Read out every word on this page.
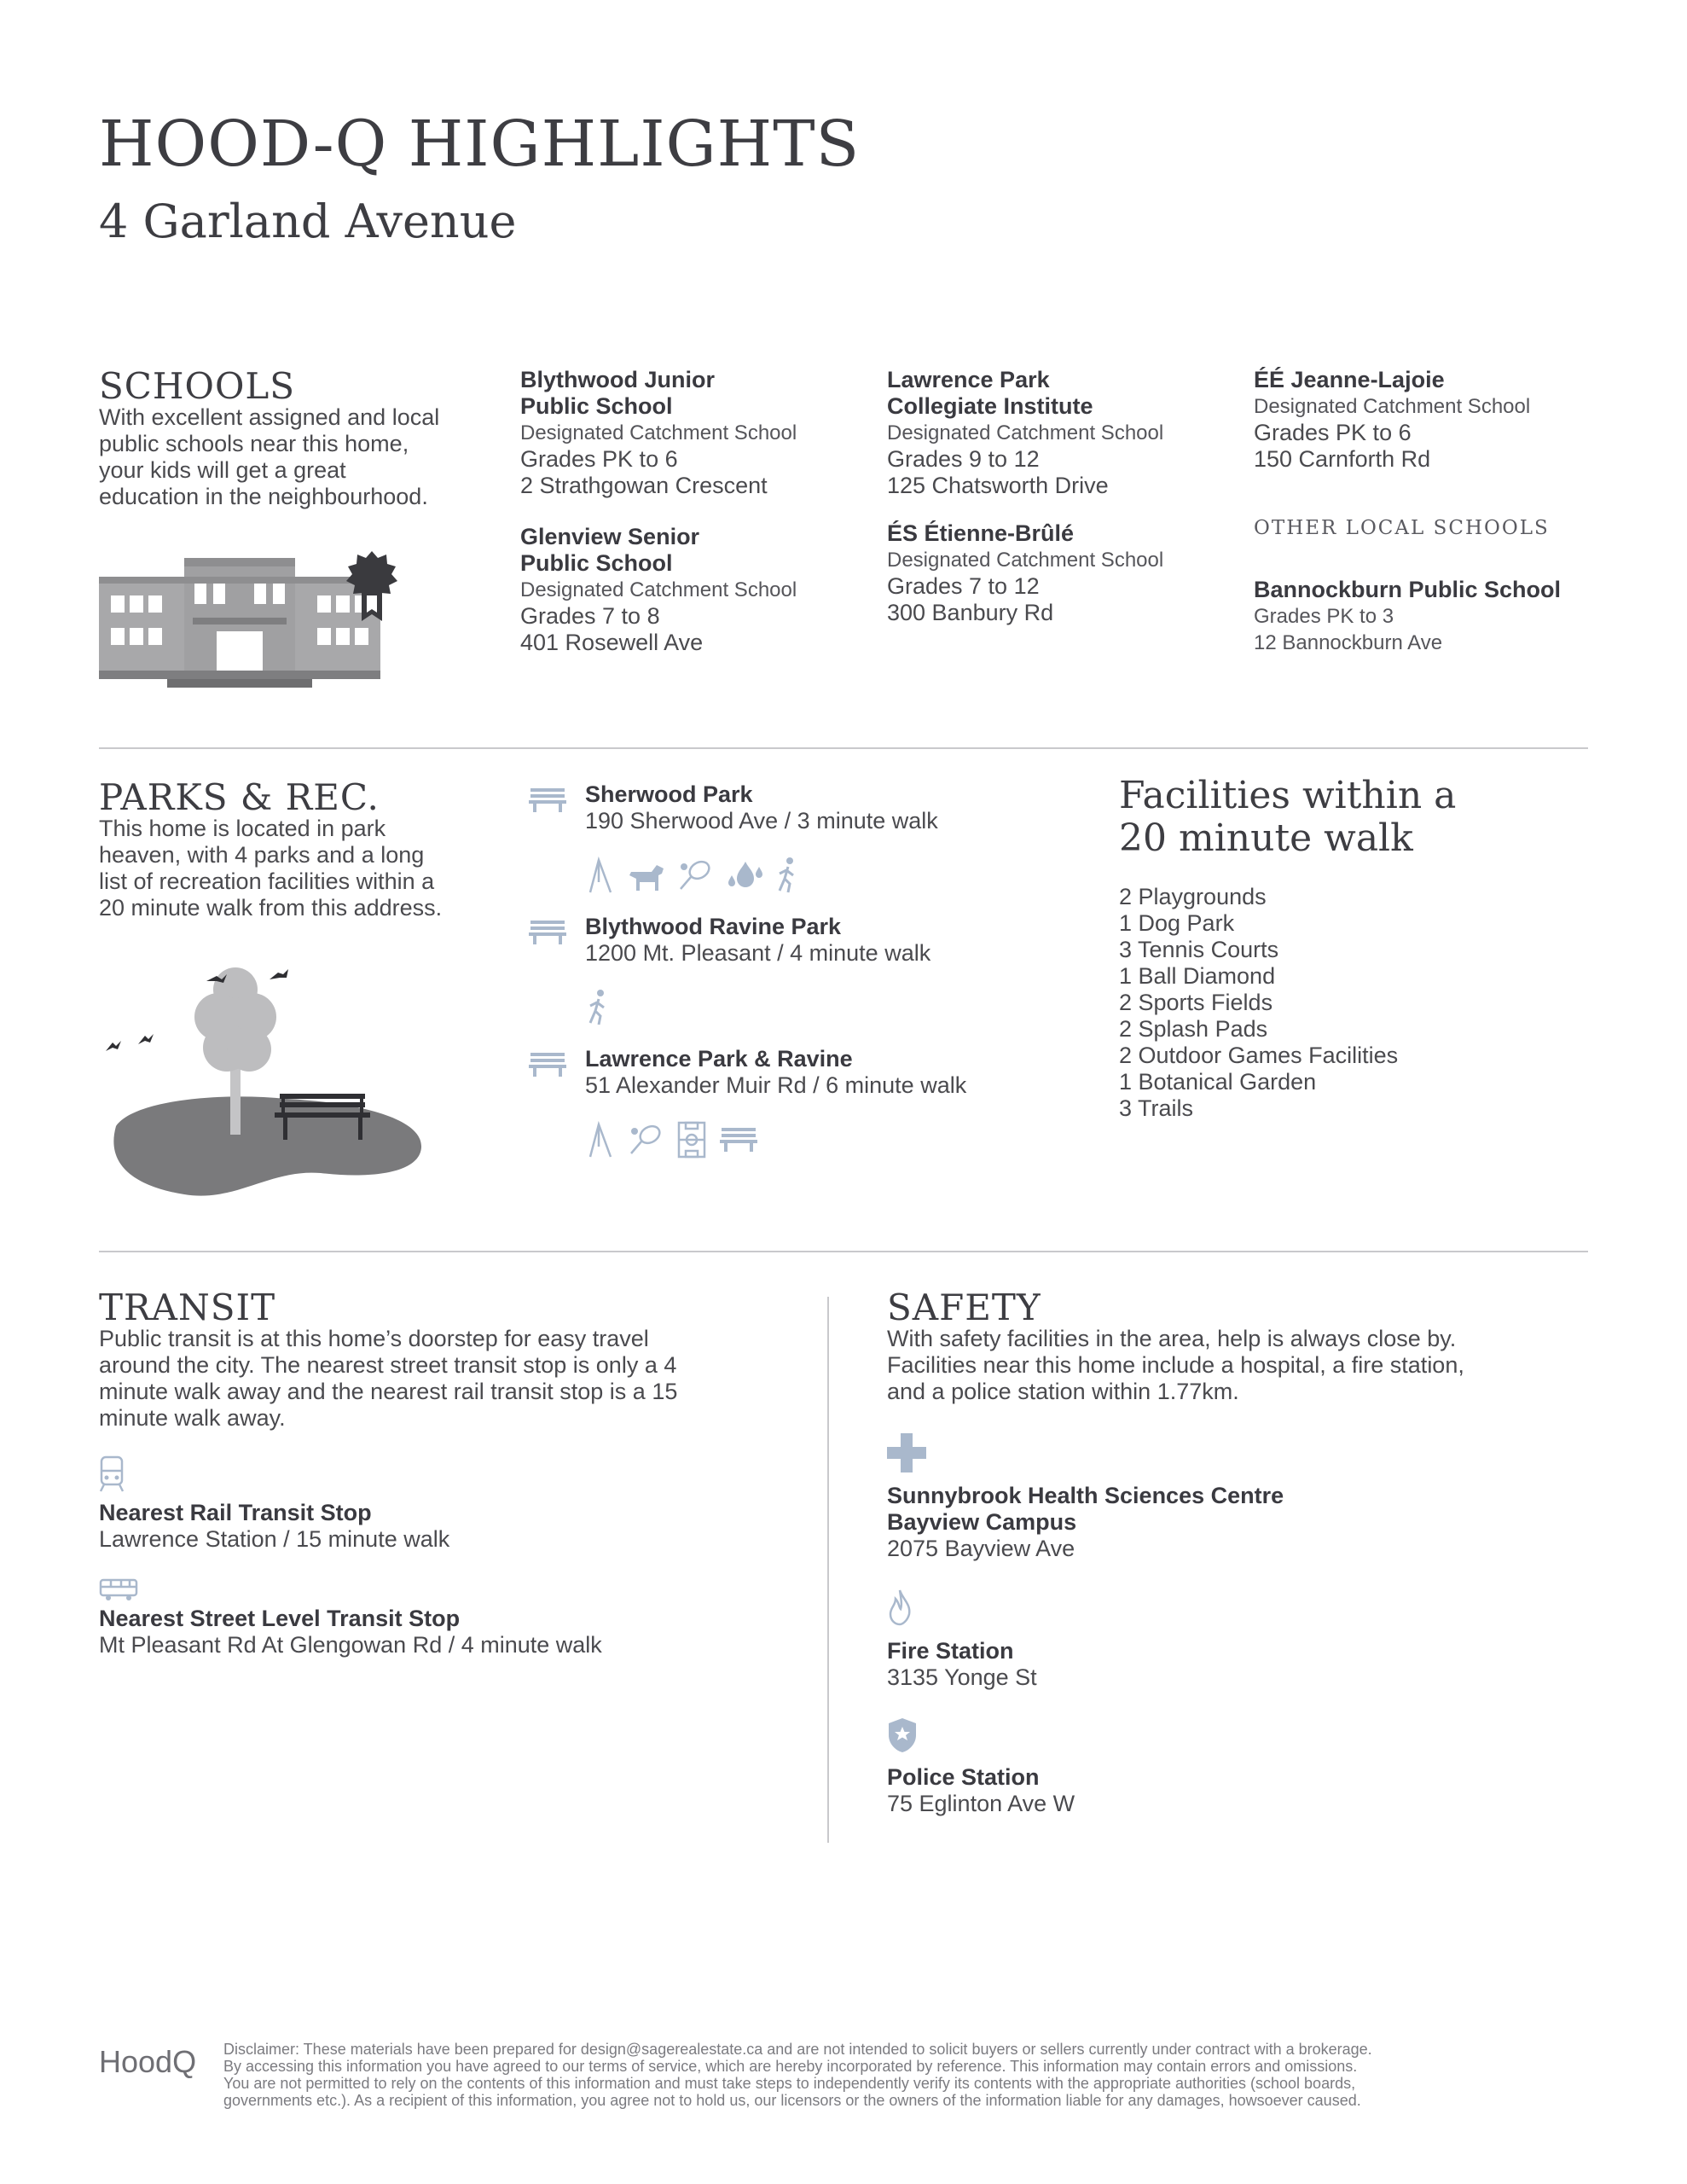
HOOD-Q HIGHLIGHTS
4 Garland Avenue
SCHOOLS
With excellent assigned and local
public schools near this home,
your kids will get a great
education in the neighbourhood.
Blythwood Junior
Public School
Designated Catchment School
Grades PK to 6
2 Strathgowan Crescent
Glenview Senior
Public School
Designated Catchment School
Grades 7 to 8
401 Rosewell Ave
Lawrence Park
Collegiate Institute
Designated Catchment School
Grades 9 to 12
125 Chatsworth Drive
ÉS Étienne-Brûlé
Designated Catchment School
Grades 7 to 12
300 Banbury Rd
ÉÉ Jeanne-Lajoie
Designated Catchment School
Grades PK to 6
150 Carnforth Rd
OTHER LOCAL SCHOOLS
Bannockburn Public School
Grades PK to 3
12 Bannockburn Ave
PARKS & REC.
This home is located in park
heaven, with 4 parks and a long
list of recreation facilities within a
20 minute walk from this address.
Sherwood Park
190 Sherwood Ave / 3 minute walk
Blythwood Ravine Park
1200 Mt. Pleasant / 4 minute walk
Lawrence Park & Ravine
51 Alexander Muir Rd / 6 minute walk
Facilities within a
20 minute walk
2 Playgrounds
1 Dog Park
3 Tennis Courts
1 Ball Diamond
2 Sports Fields
2 Splash Pads
2 Outdoor Games Facilities
1 Botanical Garden
3 Trails
TRANSIT
Public transit is at this home’s doorstep for easy travel
around the city. The nearest street transit stop is only a 4
minute walk away and the nearest rail transit stop is a 15
minute walk away.
Nearest Rail Transit Stop
Lawrence Station / 15 minute walk
Nearest Street Level Transit Stop
Mt Pleasant Rd At Glengowan Rd / 4 minute walk
SAFETY
With safety facilities in the area, help is always close by.
Facilities near this home include a hospital, a fire station,
and a police station within 1.77km.
Sunnybrook Health Sciences Centre
Bayview Campus
2075 Bayview Ave
Fire Station
3135 Yonge St
Police Station
75 Eglinton Ave W
HoodQ Disclaimer: These materials have been prepared for design@sagerealestate.ca and are not intended to solicit buyers or sellers currently under contract with a brokerage.
By accessing this information you have agreed to our terms of service, which are hereby incorporated by reference. This information may contain errors and omissions.
You are not permitted to rely on the contents of this information and must take steps to independently verify its contents with the appropriate authorities (school boards,
governments etc.). As a recipient of this information, you agree not to hold us, our licensors or the owners of the information liable for any damages, howsoever caused.
